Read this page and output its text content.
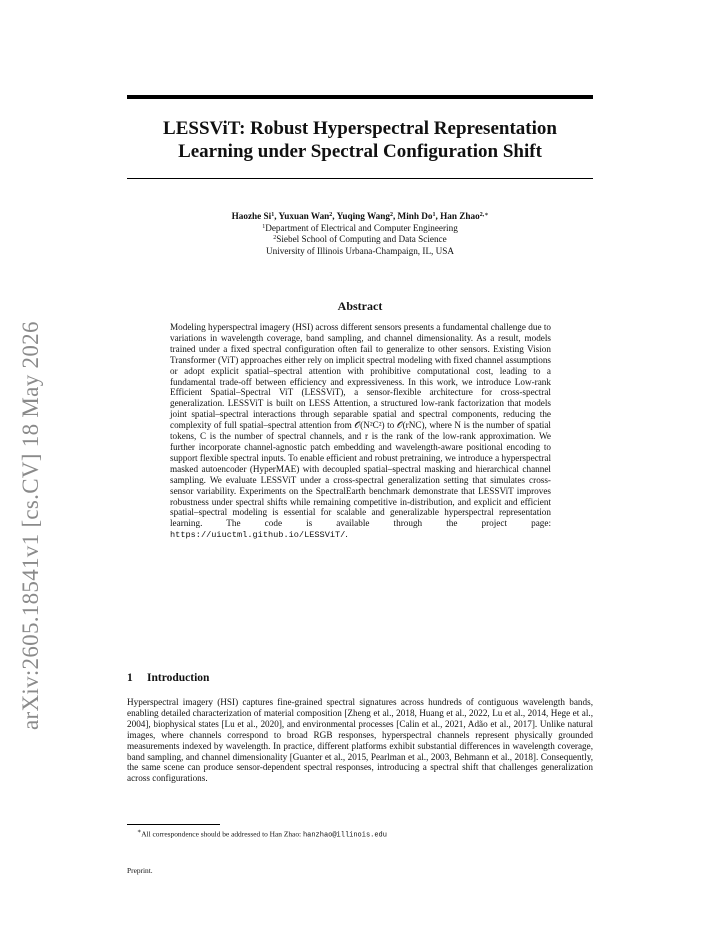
arXiv:2605.18541v1 [cs.CV] 18 May 2026
LESSViT: Robust Hyperspectral Representation
Learning under Spectral Configuration Shift
Haozhe Si$^1$, Yuxuan Wan$^2$, Yuqing Wang$^2$, Minh Do$^1$, Han Zhao$^{2,∗}$
$^1$Department of Electrical and Computer Engineering
$^2$Siebel School of Computing and Data Science
University of Illinois Urbana-Champaign, IL, USA
Abstract
Modeling hyperspectral imagery (HSI) across different sensors presents a fundamental challenge due to variations in wavelength coverage, band sampling, and channel dimensionality. As a result, models trained under a fixed spectral configuration often fail to generalize to other sensors. Existing Vision Transformer (ViT) approaches either rely on implicit spectral modeling with fixed channel assumptions or adopt explicit spatial–spectral attention with prohibitive computational cost, leading to a fundamental trade-off between efficiency and expressiveness. In this work, we introduce Low-rank Efficient Spatial–Spectral ViT (LESSViT), a sensor-flexible architecture for cross-spectral generalization. LESSViT is built on LESS Attention, a structured low-rank factorization that models joint spatial–spectral interactions through separable spatial and spectral components, reducing the complexity of full spatial–spectral attention from 𝒪(N²C²) to 𝒪(rNC), where N is the number of spatial tokens, C is the number of spectral channels, and r is the rank of the low-rank approximation. We further incorporate channel-agnostic patch embedding and wavelength-aware positional encoding to support flexible spectral inputs. To enable efficient and robust pretraining, we introduce a hyperspectral masked autoencoder (HyperMAE) with decoupled spatial–spectral masking and hierarchical channel sampling. We evaluate LESSViT under a cross-spectral generalization setting that simulates cross-sensor variability. Experiments on the SpectralEarth benchmark demonstrate that LESSViT improves robustness under spectral shifts while remaining competitive in-distribution, and explicit and efficient spatial–spectral modeling is essential for scalable and generalizable hyperspectral representation learning. The code is available through the project page: https://uiuctml.github.io/LESSViT/.
1 Introduction
Hyperspectral imagery (HSI) captures fine-grained spectral signatures across hundreds of contiguous wavelength bands, enabling detailed characterization of material composition [Zheng et al., 2018, Huang et al., 2022, Lu et al., 2014, Hege et al., 2004], biophysical states [Lu et al., 2020], and environmental processes [Calin et al., 2021, Adão et al., 2017]. Unlike natural images, where channels correspond to broad RGB responses, hyperspectral channels represent physically grounded measurements indexed by wavelength. In practice, different platforms exhibit substantial differences in wavelength coverage, band sampling, and channel dimensionality [Guanter et al., 2015, Pearlman et al., 2003, Behmann et al., 2018]. Consequently, the same scene can produce sensor-dependent spectral responses, introducing a spectral shift that challenges generalization across configurations.
∗All correspondence should be addressed to Han Zhao: hanzhao@illinois.edu
Preprint.
